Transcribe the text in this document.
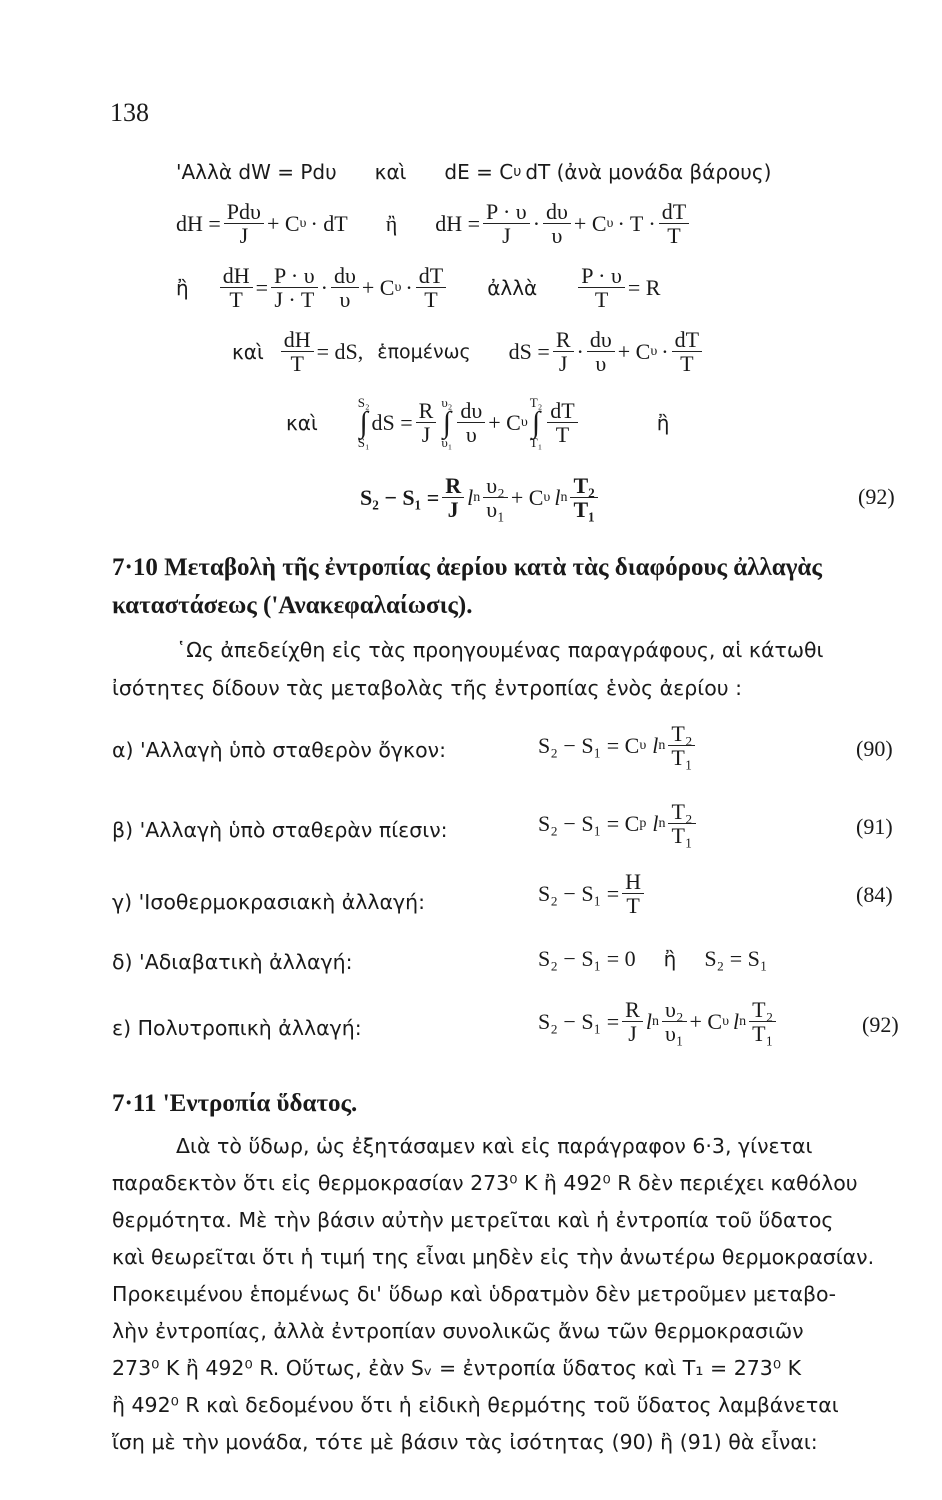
138
'Αλλὰ dW = Pdυ καὶ dE = C υ dT (ἀνὰ μονάδα βάρους)
dH = $\frac{\text{Pdυ}}{J} + C$ υ · dT ἢ dH = $\frac{P \cdot \upsilon}{J} \cdot \frac{d\upsilon}{\upsilon} + C$ $\upsilon \cdot T \cdot \frac{dT}{T}$
ἢ $\frac{dH}{T} = \frac{P \cdot \upsilon}{J \cdot T} \cdot \frac{d\upsilon}{\upsilon} + C$ $\upsilon \cdot \frac{dT}{T}$ ἀλλὰ $\frac{P \cdot \upsilon}{T} = R$
καὶ $\frac{dH}{T}$ = dS, ἑπομένως dS = $\frac{R}{J} \cdot \frac{d\upsilon}{\upsilon} + C$ $\upsilon \cdot \frac{dT}{T}$
καὶ
S₂
∫
S₁
dS = $\frac{R}{J} \upsilon_2$
∫
$\upsilon_1 \frac{d\upsilon}{\upsilon} + C$ υ
T₂
∫
$T_1 \frac{dT}{T}$	ἢ
$S_2 - S_1 = \frac{R}{J}$ l n $\frac{\text{υ₂}}{\text{υ₁}} + C$ υ l n $\frac{\text{T₂}}{\text{T₁}}$	(92)
7·10 Μεταβολὴ τῆς ἐντροπίας ἀερίου κατὰ τὰς διαφόρους ἀλλαγὰς
καταστάσεως ('Ανακεφαλαίωσις).
῾Ως ἀπεδείχθη εἰς τὰς προηγουμένας παραγράφους, αἱ κάτωθι
ἰσότητες δίδουν τὰς μεταβολὰς τῆς ἐντροπίας ἑνὸς ἀερίου :
α) 'Αλλαγὴ ὑπὸ σταθερὸν ὄγκον:	S₂ − S₁ = C υ l n $\frac{\text{T₂}}{\text{T₁}}$	(90)
β) 'Αλλαγὴ ὑπὸ σταθερὰν πίεσιν:	S₂ − S₁ = C p l n $\frac{\text{T₂}}{\text{T₁}}$	(91)
γ) 'Ισοθερμοκρασιακὴ ἀλλαγή:	$S_2 - S_1 = \frac{H}{T}$	(84)
δ) 'Αδιαβατικὴ ἀλλαγή:	S₂ − S₁ = 0 ἢ S₂ = S₁
ε) Πολυτροπικὴ ἀλλαγή:	$S_2 - S_1 = \frac{R}{J}$ l n $\frac{\text{υ₂}}{\text{υ₁}} + C$ υ l n $\frac{\text{T₂}}{\text{T₁}}$	(92)
7·11 'Εντροπία ὕδατος.
Διὰ τὸ ὕδωρ, ὡς ἐξητάσαμεν καὶ εἰς παράγραφον 6·3, γίνεται
παραδεκτὸν ὅτι εἰς θερμοκρασίαν 273⁰ K ἢ 492⁰ R δὲν περιέχει καθόλου
θερμότητα. Μὲ τὴν βάσιν αὐτὴν μετρεῖται καὶ ἡ ἐντροπία τοῦ ὕδατος
καὶ θεωρεῖται ὅτι ἡ τιμή της εἶναι μηδὲν εἰς τὴν ἀνωτέρω θερμοκρασίαν.
Προκειμένου ἑπομένως δι' ὕδωρ καὶ ὑδρατμὸν δὲν μετροῦμεν μεταβο-
λὴν ἐντροπίας, ἀλλὰ ἐντροπίαν συνολικῶς ἄνω τῶν θερμοκρασιῶν
273⁰ K ἢ 492⁰ R. Οὕτως, ἐὰν Sᵥ = ἐντροπία ὕδατος καὶ T₁ = 273⁰ K
ἢ 492⁰ R καὶ δεδομένου ὅτι ἡ εἰδικὴ θερμότης τοῦ ὕδατος λαμβάνεται
ἴση μὲ τὴν μονάδα, τότε μὲ βάσιν τὰς ἰσότητας (90) ἢ (91) θὰ εἶναι:
